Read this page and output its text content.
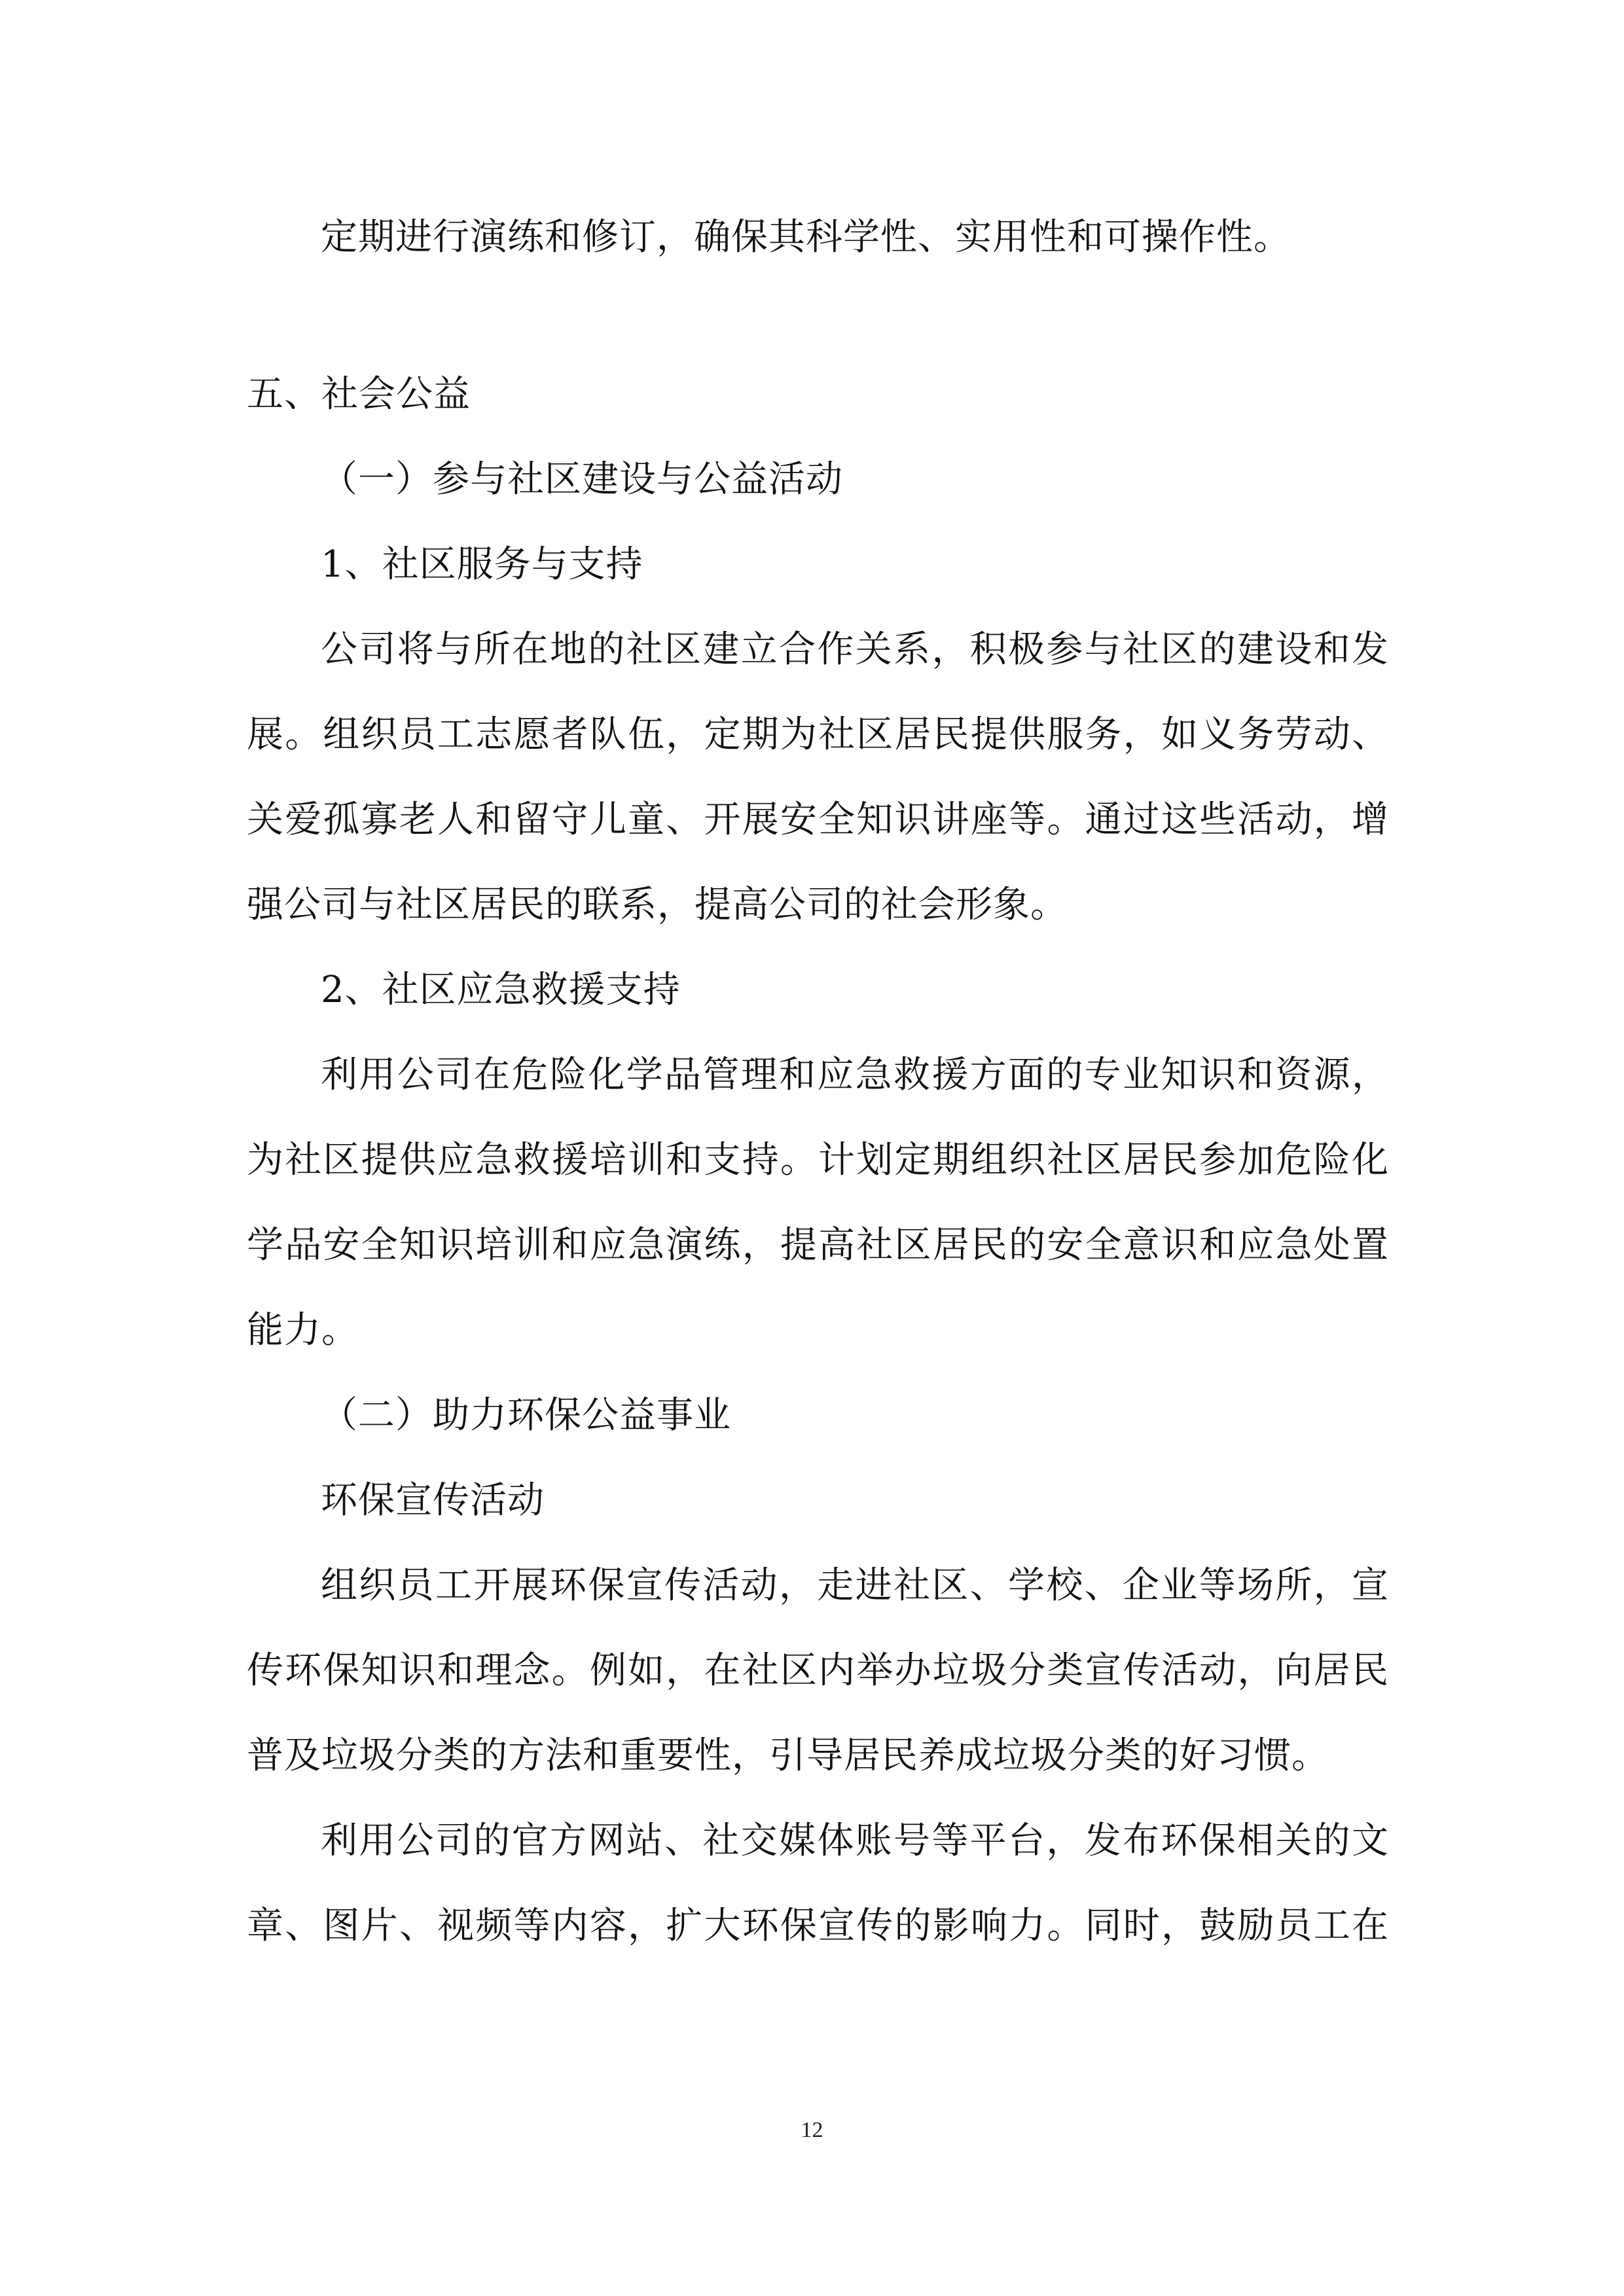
定期进行演练和修订，确保其科学性、实用性和可操作性。
五、社会公益
（一）参与社区建设与公益活动
1、社区服务与支持
公司将与所在地的社区建立合作关系，积极参与社区的建设和发
展。组织员工志愿者队伍，定期为社区居民提供服务，如义务劳动、
关爱孤寡老人和留守儿童、开展安全知识讲座等。通过这些活动，增
强公司与社区居民的联系，提高公司的社会形象。
2、社区应急救援支持
利用公司在危险化学品管理和应急救援方面的专业知识和资源，
为社区提供应急救援培训和支持。计划定期组织社区居民参加危险化
学品安全知识培训和应急演练，提高社区居民的安全意识和应急处置
能力。
（二）助力环保公益事业
环保宣传活动
组织员工开展环保宣传活动，走进社区、学校、企业等场所，宣
传环保知识和理念。例如，在社区内举办垃圾分类宣传活动，向居民
普及垃圾分类的方法和重要性，引导居民养成垃圾分类的好习惯。
利用公司的官方网站、社交媒体账号等平台，发布环保相关的文
章、图片、视频等内容，扩大环保宣传的影响力。同时，鼓励员工在
12
